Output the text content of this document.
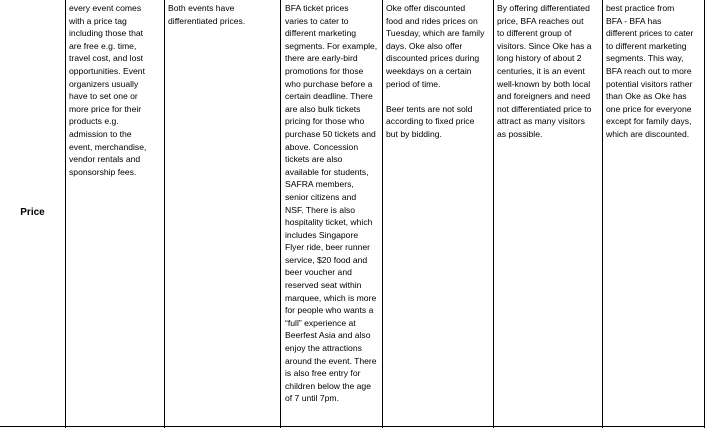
Price

every event comes
with a price tag
including those that
are free e.g. time,
travel cost, and lost
opportunities. Event
organizers usually
have to set one or
more price for their
products e.g.
admission to the
event, merchandise,
vendor rentals and
sponsorship fees.

Both events have
differentiated prices.

BFA ticket prices
varies to cater to
different marketing
segments. For example,
there are early-bird
promotions for those
who purchase before a
certain deadline. There
are also bulk tickets
pricing for those who
purchase 50 tickets and
above. Concession
tickets are also
available for students,
SAFRA members,
senior citizens and
NSF. There is also
hospitality ticket, which
includes Singapore
Flyer ride, beer runner
service, $20 food and
beer voucher and
reserved seat within
marquee, which is more
for people who wants a
“full” experience at
Beerfest Asia and also
enjoy the attractions
around the event. There
is also free entry for
children below the age
of 7 until 7pm.

Oke offer discounted
food and rides prices on
Tuesday, which are family
days. Oke also offer
discounted prices during
weekdays on a certain
period of time.

Beer tents are not sold
according to fixed price
but by bidding.

By offering differentiated
price, BFA reaches out
to different group of
visitors. Since Oke has a
long history of about 2
centuries, it is an event
well-known by both local
and foreigners and need
not differentiated price to
attract as many visitors
as possible.

best practice from
BFA - BFA has
different prices to cater
to different marketing
segments. This way,
BFA reach out to more
potential visitors rather
than Oke as Oke has
one price for everyone
except for family days,
which are discounted.
